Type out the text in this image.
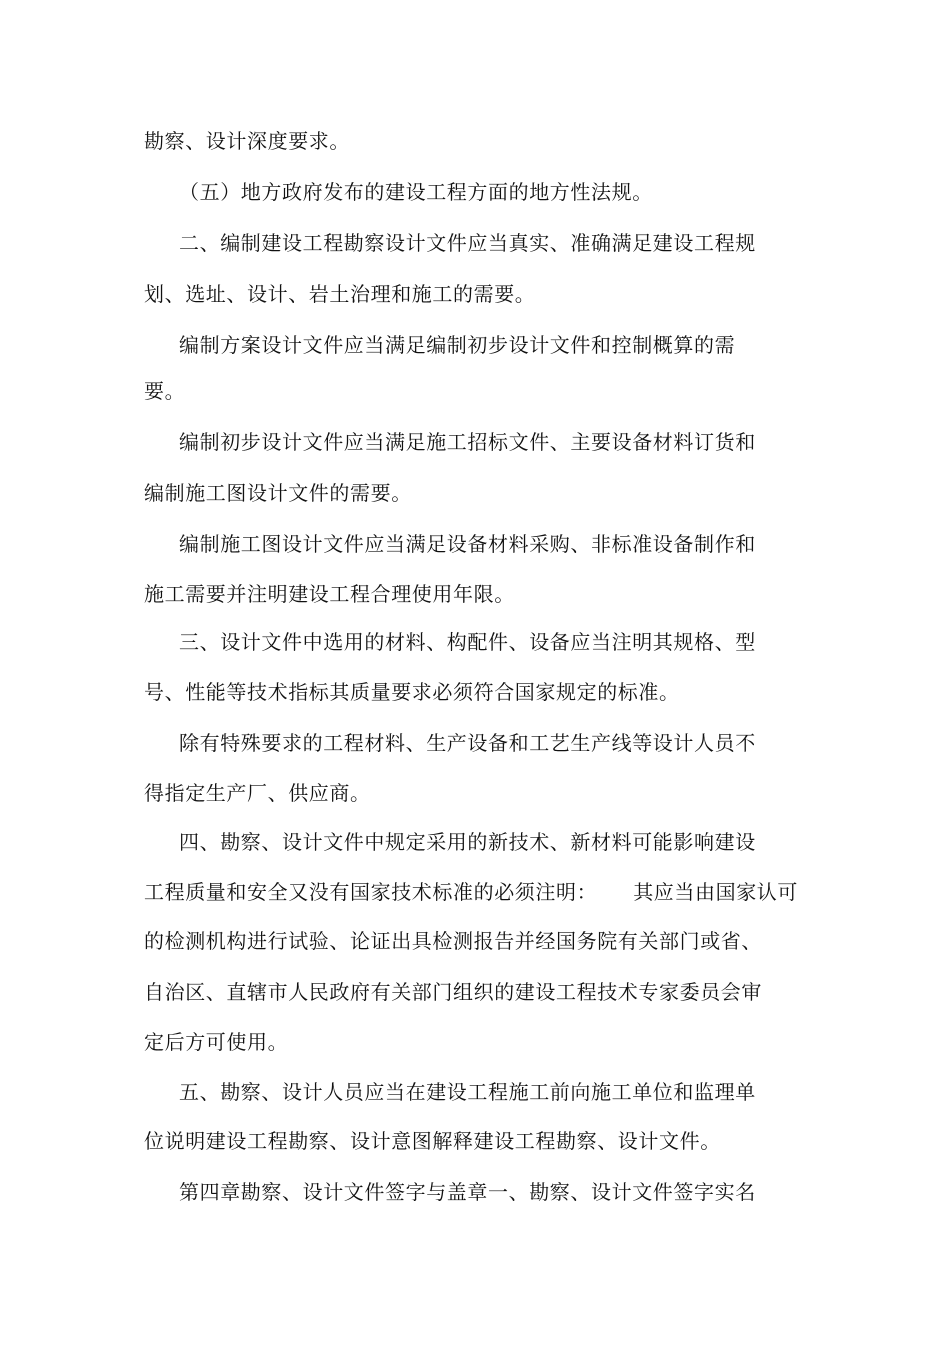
勘察、设计深度要求。
（五）地方政府发布的建设工程方面的地方性法规。
二、编制建设工程勘察设计文件应当真实、准确满足建设工程规
划、选址、设计、岩土治理和施工的需要。
编制方案设计文件应当满足编制初步设计文件和控制概算的需
要。
编制初步设计文件应当满足施工招标文件、主要设备材料订货和
编制施工图设计文件的需要。
编制施工图设计文件应当满足设备材料采购、非标准设备制作和
施工需要并注明建设工程合理使用年限。
三、设计文件中选用的材料、构配件、设备应当注明其规格、型
号、性能等技术指标其质量要求必须符合国家规定的标准。
除有特殊要求的工程材料、生产设备和工艺生产线等设计人员不
得指定生产厂、供应商。
四、勘察、设计文件中规定采用的新技术、新材料可能影响建设
工程质量和安全又没有国家技术标准的必须注明： 其应当由国家认可
的检测机构进行试验、论证出具检测报告并经国务院有关部门或省、
自治区、直辖市人民政府有关部门组织的建设工程技术专家委员会审
定后方可使用。
五、勘察、设计人员应当在建设工程施工前向施工单位和监理单
位说明建设工程勘察、设计意图解释建设工程勘察、设计文件。
第四章勘察、设计文件签字与盖章一、勘察、设计文件签字实名
